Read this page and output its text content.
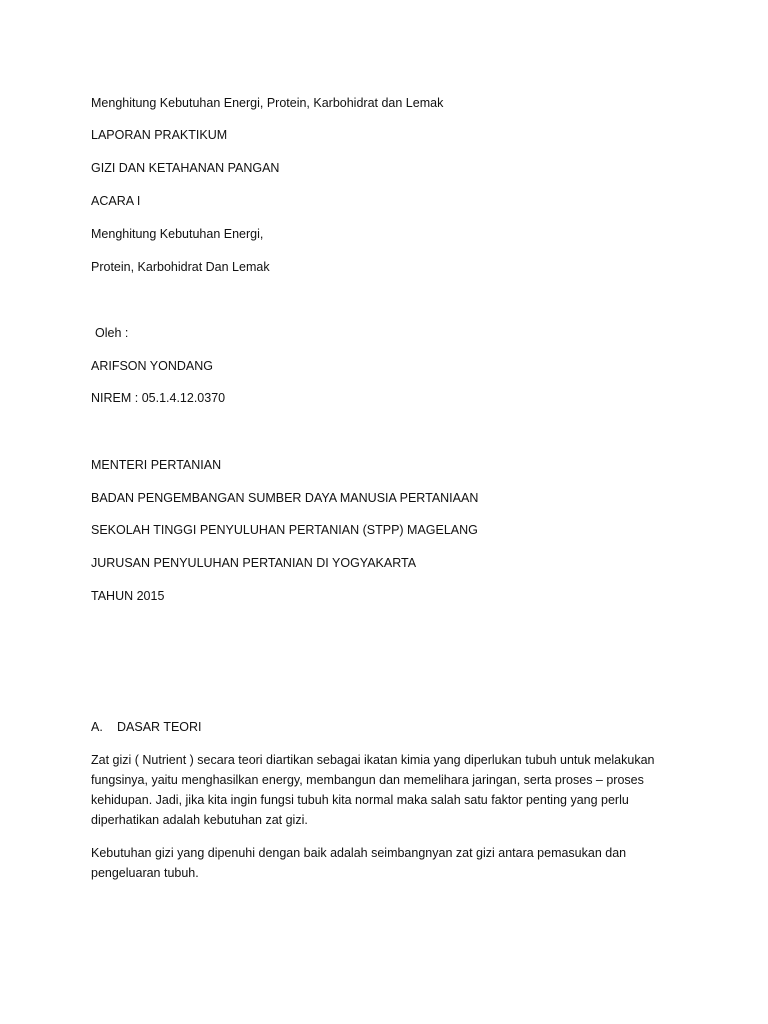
Menghitung Kebutuhan Energi, Protein, Karbohidrat dan Lemak

LAPORAN PRAKTIKUM

GIZI DAN KETAHANAN PANGAN

ACARA I

Menghitung Kebutuhan Energi,

Protein, Karbohidrat Dan Lemak

Oleh :

ARIFSON YONDANG

NIREM : 05.1.4.12.0370

MENTERI PERTANIAN

BADAN PENGEMBANGAN SUMBER DAYA MANUSIA PERTANIAAN

SEKOLAH TINGGI PENYULUHAN PERTANIAN (STPP) MAGELANG

JURUSAN PENYULUHAN PERTANIAN DI YOGYAKARTA

TAHUN 2015

A. DASAR TEORI

Zat gizi ( Nutrient ) secara teori diartikan sebagai ikatan kimia yang diperlukan tubuh untuk melakukan fungsinya, yaitu menghasilkan energy, membangun dan memelihara jaringan, serta proses – proses kehidupan. Jadi, jika kita ingin fungsi tubuh kita normal maka salah satu faktor penting yang perlu diperhatikan adalah kebutuhan zat gizi.

Kebutuhan gizi yang dipenuhi dengan baik adalah seimbangnyan zat gizi antara pemasukan dan pengeluaran tubuh.
